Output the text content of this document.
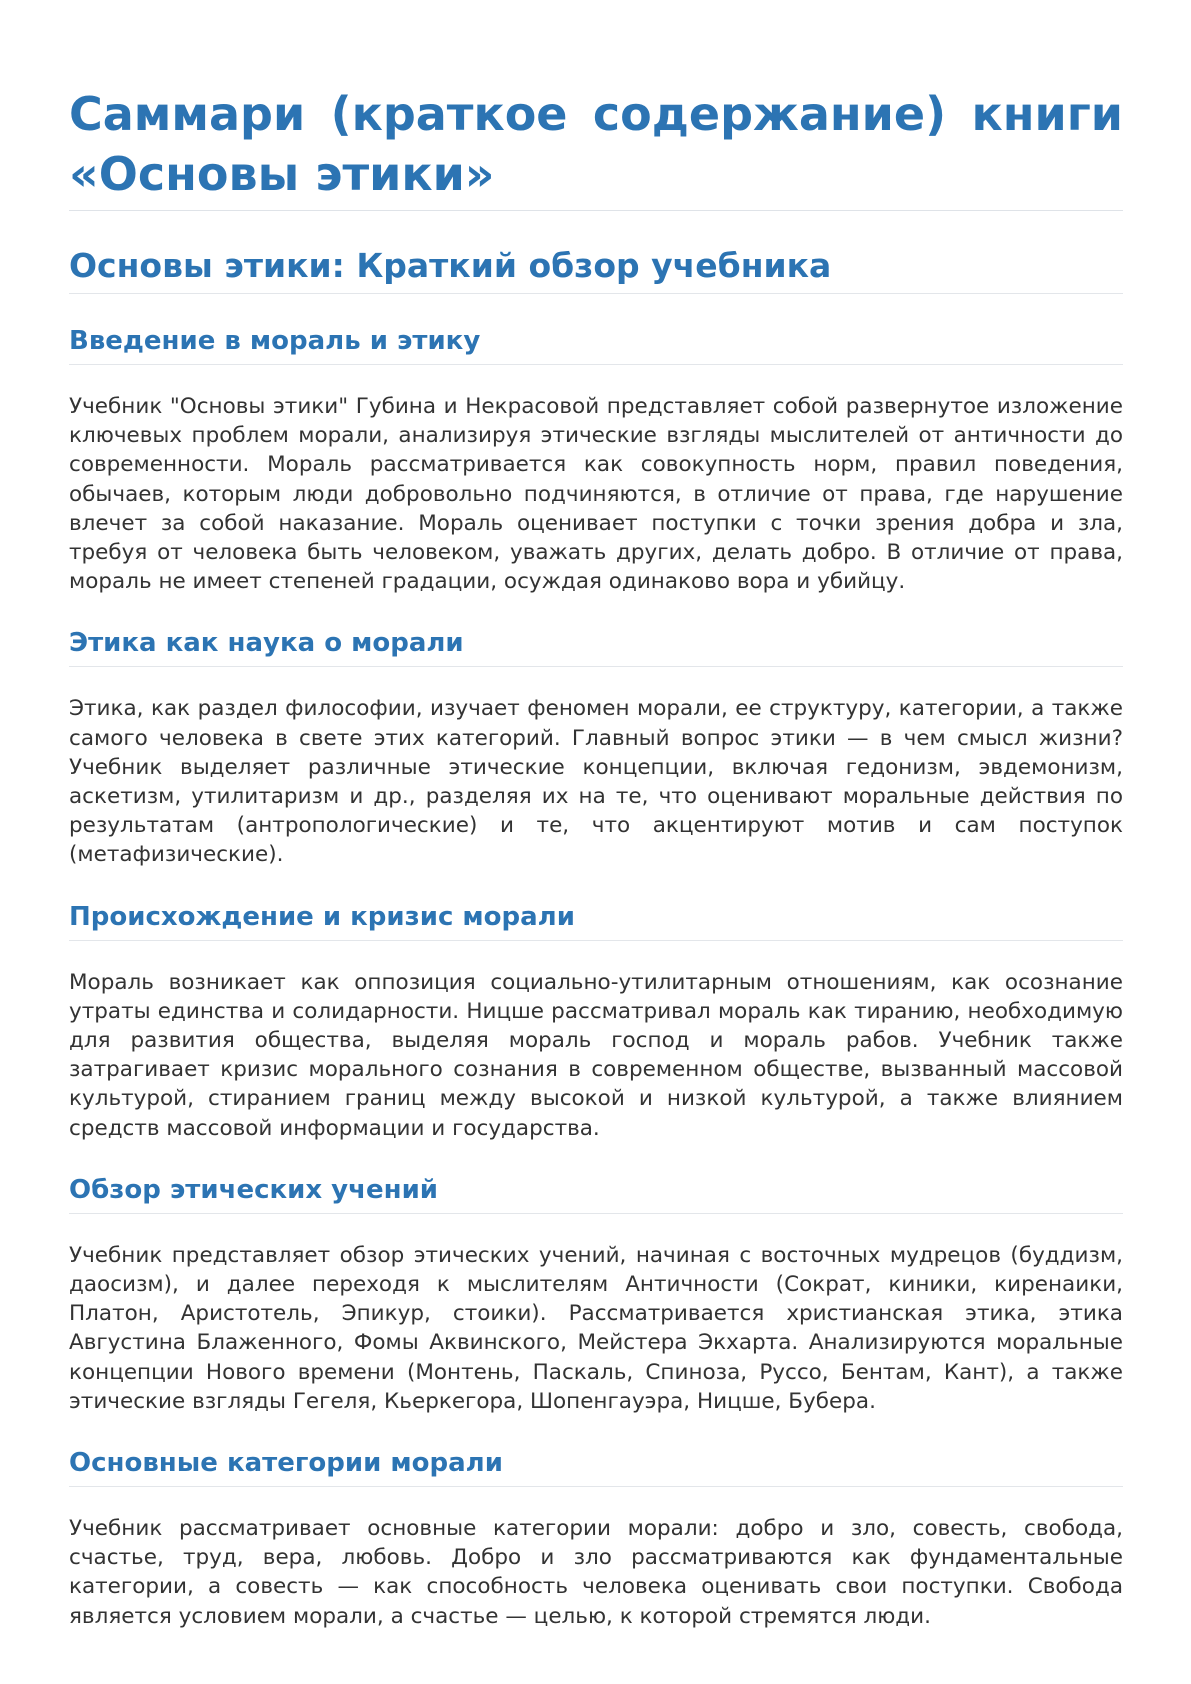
Саммари (краткое содержание) книги «Основы этики»
Основы этики: Краткий обзор учебника
Введение в мораль и этику

Учебник "Основы этики" Губина и Некрасовой представляет собой развернутое изложение ключевых проблем морали, анализируя этические взгляды мыслителей от античности до современности. Мораль рассматривается как совокупность норм, правил поведения, обычаев, которым люди добровольно подчиняются, в отличие от права, где нарушение влечет за собой наказание. Мораль оценивает поступки с точки зрения добра и зла, требуя от человека быть человеком, уважать других, делать добро. В отличие от права, мораль не имеет степеней градации, осуждая одинаково вора и убийцу.

Этика как наука о морали

Этика, как раздел философии, изучает феномен морали, ее структуру, категории, а также самого человека в свете этих категорий. Главный вопрос этики — в чем смысл жизни? Учебник выделяет различные этические концепции, включая гедонизм, эвдемонизм, аскетизм, утилитаризм и др., разделяя их на те, что оценивают моральные действия по результатам (антропологические) и те, что акцентируют мотив и сам поступок (метафизические).

Происхождение и кризис морали

Мораль возникает как оппозиция социально-утилитарным отношениям, как осознание утраты единства и солидарности. Ницше рассматривал мораль как тиранию, необходимую для развития общества, выделяя мораль господ и мораль рабов. Учебник также затрагивает кризис морального сознания в современном обществе, вызванный массовой культурой, стиранием границ между высокой и низкой культурой, а также влиянием средств массовой информации и государства.

Обзор этических учений

Учебник представляет обзор этических учений, начиная с восточных мудрецов (буддизм, даосизм), и далее переходя к мыслителям Античности (Сократ, киники, киренаики, Платон, Аристотель, Эпикур, стоики). Рассматривается христианская этика, этика Августина Блаженного, Фомы Аквинского, Мейстера Экхарта. Анализируются моральные концепции Нового времени (Монтень, Паскаль, Спиноза, Руссо, Бентам, Кант), а также этические взгляды Гегеля, Кьеркегора, Шопенгауэра, Ницше, Бубера.

Основные категории морали

Учебник рассматривает основные категории морали: добро и зло, совесть, свобода, счастье, труд, вера, любовь. Добро и зло рассматриваются как фундаментальные категории, а совесть — как способность человека оценивать свои поступки. Свобода является условием морали, а счастье — целью, к которой стремятся люди.
